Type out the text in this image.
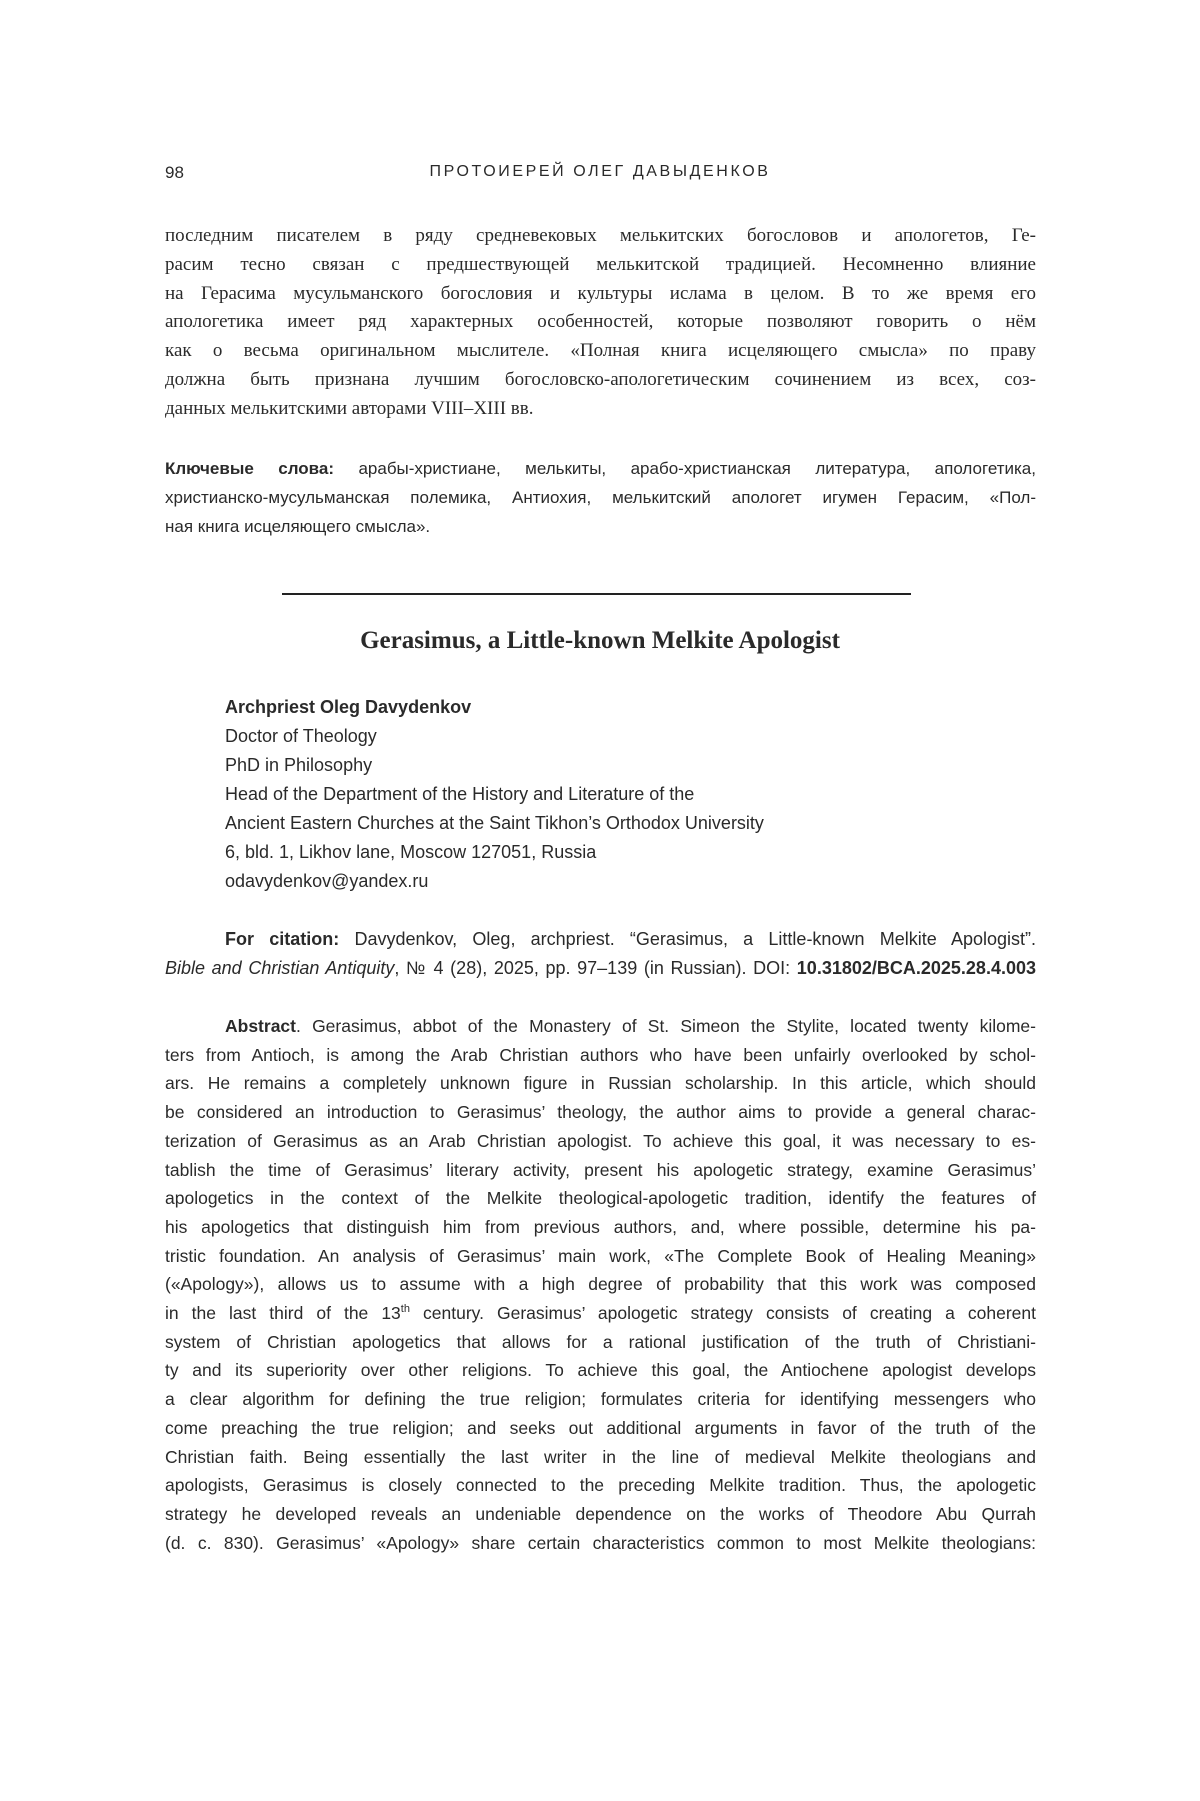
98	ПРОТОИЕРЕЙ ОЛЕГ ДАВЫДЕНКОВ
последним писателем в ряду средневековых мелькитских богословов и апологетов, Ге-
расим тесно связан с предшествующей мелькитской традицией. Несомненно влияние
на Герасима мусульманского богословия и культуры ислама в целом. В то же время его
апологетика имеет ряд характерных особенностей, которые позволяют говорить о нём
как о весьма оригинальном мыслителе. «Полная книга исцеляющего смысла» по праву
должна быть признана лучшим богословско-апологетическим сочинением из всех, соз-
данных мелькитскими авторами VIII–XIII вв.
Ключевые слова: арабы-христиане, мелькиты, арабо-христианская литература, апологетика,
христианско-мусульманская полемика, Антиохия, мелькитский апологет игумен Герасим, «Пол-
ная книга исцеляющего смысла».
Gerasimus, a Little-known Melkite Apologist
Archpriest Oleg Davydenkov
Doctor of Theology
PhD in Philosophy
Head of the Department of the History and Literature of the
Ancient Eastern Churches at the Saint Tikhon’s Orthodox University
6, bld. 1, Likhov lane, Moscow 127051, Russia
odavydenkov@yandex.ru
For citation: Davydenkov, Oleg, archpriest. “Gerasimus, a Little-known Melkite Apologist”.
Bible and Christian Antiquity, № 4 (28), 2025, pp. 97–139 (in Russian). DOI: 10.31802/BCA.2025.28.4.003
Abstract. Gerasimus, abbot of the Monastery of St. Simeon the Stylite, located twenty kilome-
ters from Antioch, is among the Arab Christian authors who have been unfairly overlooked by schol-
ars. He remains a completely unknown figure in Russian scholarship. In this article, which should
be considered an introduction to Gerasimus’ theology, the author aims to provide a general charac-
terization of Gerasimus as an Arab Christian apologist. To achieve this goal, it was necessary to es-
tablish the time of Gerasimus’ literary activity, present his apologetic strategy, examine Gerasimus’
apologetics in the context of the Melkite theological-apologetic tradition, identify the features of
his apologetics that distinguish him from previous authors, and, where possible, determine his pa-
tristic foundation. An analysis of Gerasimus’ main work, «The Complete Book of Healing Meaning»
(«Apology»), allows us to assume with a high degree of probability that this work was composed
in the last third of the 13th century. Gerasimus’ apologetic strategy consists of creating a coherent
system of Christian apologetics that allows for a rational justification of the truth of Christiani-
ty and its superiority over other religions. To achieve this goal, the Antiochene apologist develops
a clear algorithm for defining the true religion; formulates criteria for identifying messengers who
come preaching the true religion; and seeks out additional arguments in favor of the truth of the
Christian faith. Being essentially the last writer in the line of medieval Melkite theologians and
apologists, Gerasimus is closely connected to the preceding Melkite tradition. Thus, the apologetic
strategy he developed reveals an undeniable dependence on the works of Theodore Abu Qurrah
(d. c. 830). Gerasimus’ «Apology» share certain characteristics common to most Melkite theologians:
